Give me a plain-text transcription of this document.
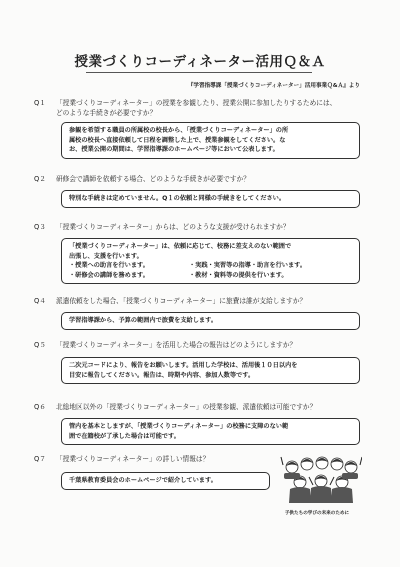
授業づくりコーディネーター活用Ｑ＆Ａ
『学習指導課「授業づくりコーディネーター」活用事業Ｑ&Ａ』より
Q１	「授業づくりコーディネーター」の授業を参観したり、授業公開に参加したりするためには、
どのような手続きが必要ですか？
参観を希望する職員の所属校の校長から、「授業づくりコーディネーター」の所
属校の校長へ直接依頼して日程を調整した上で、授業参観をしてください。な
お、授業公開の期間は、学習指導課のホームページ等において公表します。
Q２	研修会で講師を依頼する場合、どのような手続きが必要ですか？
特別な手続きは定めていません。Q１の依頼と同様の手続きをしてください。
Q３	「授業づくりコーディネーター」からは、どのような支援が受けられますか？
「授業づくりコーディネーター」は、依頼に応じて、校務に差支えのない範囲で
出張し、支援を行います。
・授業への助言を行います。	・実践・実習等の指導・助言を行います。
・研修会の講師を務めます。	・教材・資料等の提供を行います。
Q４	派遣依頼をした場合、「授業づくりコーディネーター」に旅費は誰が支給しますか？
学習指導課から、予算の範囲内で旅費を支給します。
Q５	「授業づくりコーディネーター」を活用した場合の報告はどのようにしますか？
二次元コードにより、報告をお願いします。活用した学校は、活用後１０日以内を
目安に報告してください。報告は、時期や内容、参加人数等です。
Q６	北総地区以外の「授業づくりコーディネーター」の授業参観、派遣依頼は可能ですか？
管内を基本としますが、「授業づくりコーディネーター」の校務に支障のない範
囲で在籍校が了承した場合は可能です。
Q７	「授業づくりコーディネーター」の詳しい情報は？
千葉県教育委員会のホームページで紹介しています。
子供たちの学びの未来のために
